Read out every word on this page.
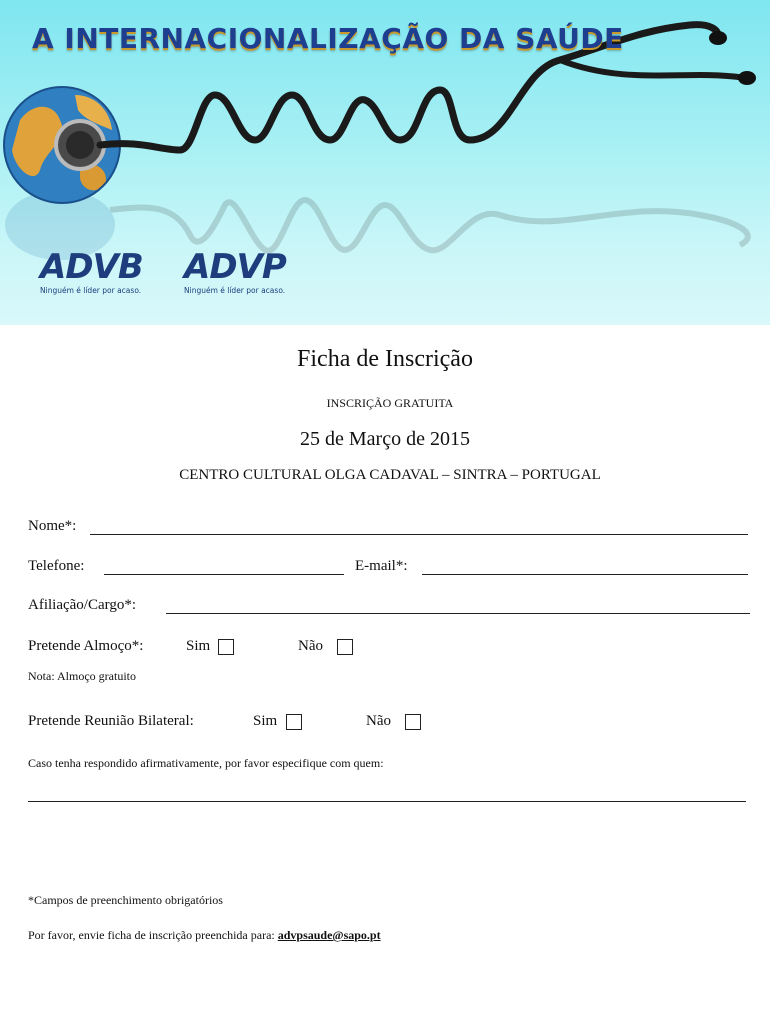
A INTERNACIONALIZAÇÃO DA SAÚDE
ADVB
Ninguém é líder por acaso.
ADVP
Ninguém é líder por acaso.
Ficha de Inscrição
INSCRIÇÃO GRATUITA
25 de Março de 2015
CENTRO CULTURAL OLGA CADAVAL – SINTRA – PORTUGAL
Nome*:
Telefone:	E-mail*:
Afiliação/Cargo*:
Pretende Almoço*:	Sim	Não
Nota: Almoço gratuito
Pretende Reunião Bilateral:	Sim	Não
Caso tenha respondido afirmativamente, por favor especifique com quem:
*Campos de preenchimento obrigatórios
Por favor, envie ficha de inscrição preenchida para: advpsaude@sapo.pt
